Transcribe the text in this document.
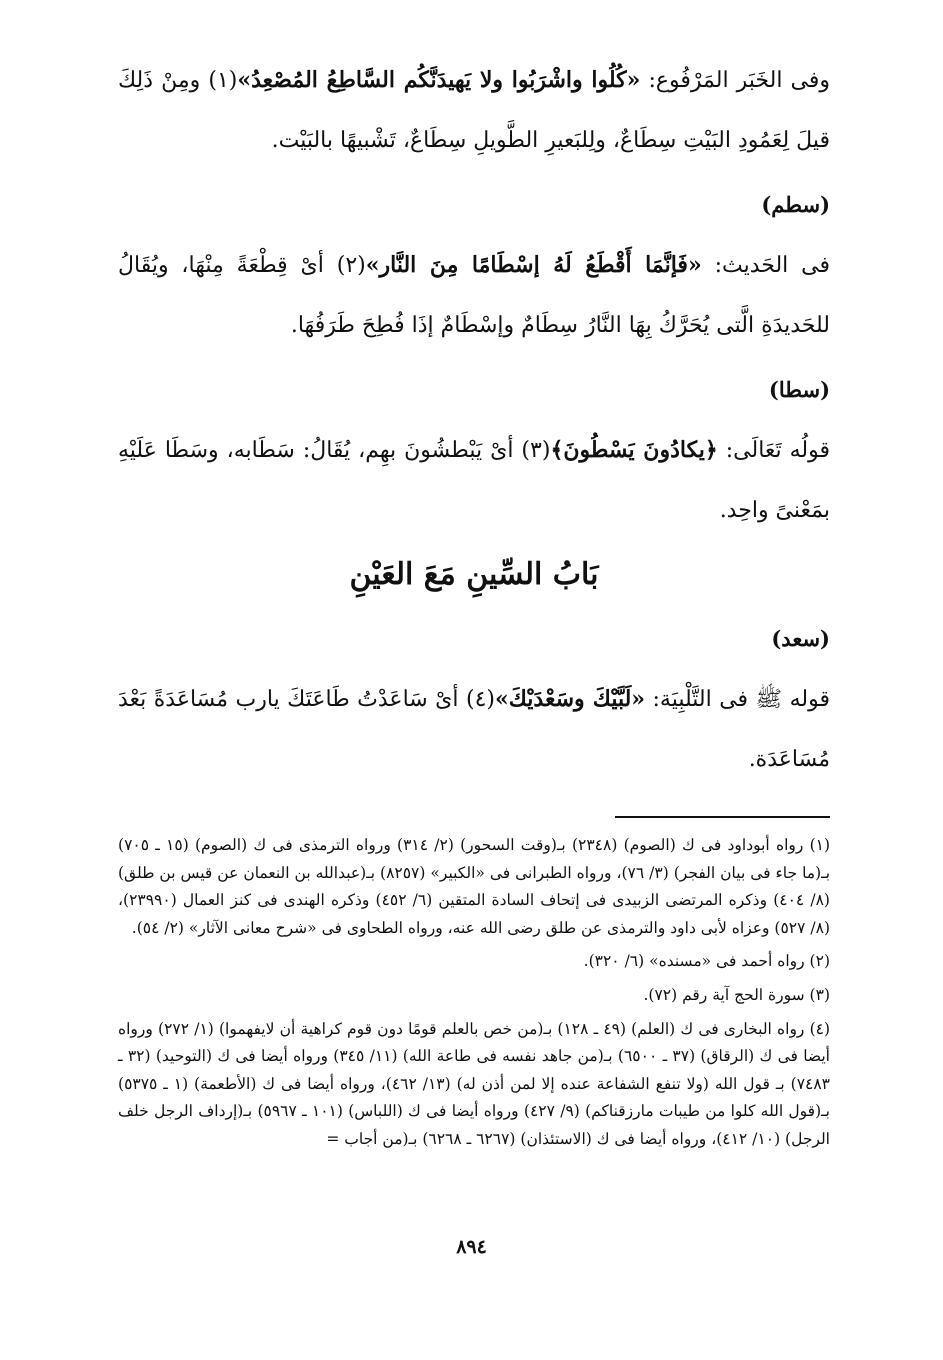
وفى الخَبَر المَرْفُوع: «كُلُوا واشْرَبُوا ولا يَهيدَنَّكُم السَّاطِعُ المُصْعِدُ»(١) ومِنْ ذَلِكَ قيلَ لِعَمُودِ البَيْتِ سِطَاعٌ، ولِلبَعيرِ الطَّويلِ سِطَاعٌ، تَشْبيهًا بالبَيْت.

(سطم)

فى الحَديث: «فَإنَّمَا أَقْطَعُ لَهُ إسْطَامًا مِنَ النَّار»(٢) أىْ قِطْعَةً مِنْهَا، ويُقَالُ للحَديدَةِ الَّتى يُحَرَّكُ بِهَا النَّارُ سِطَامٌ وإسْطَامٌ إذَا فُطِحَ طَرَفُهَا.

(سطا)

قولُه تَعَالَى: ﴿يكادُونَ يَسْطُونَ﴾(٣) أىْ يَبْطشُونَ بهِم، يُقَالُ: سَطَابه، وسَطَا عَلَيْهِ بمَعْنىً واحِد.

بَابُ السِّينِ مَعَ العَيْنِ
(سعد)

قوله ﷺ فى التَّلْبِيَة: «لَبَّيْكَ وسَعْدَيْكَ»(٤) أىْ سَاعَدْتُ طَاعَتَكَ يارب مُسَاعَدَةً بَعْدَ مُسَاعَدَة.

(١) رواه أبوداود فى ك (الصوم) (٢٣٤٨) بـ(وقت السحور) (٢/ ٣١٤) ورواه الترمذى فى ك (الصوم) (١٥ ـ ٧٠٥) بـ(ما جاء فى بيان الفجر) (٣/ ٧٦)، ورواه الطبرانى فى «الكبير» (٨٢٥٧) بـ(عبدالله بن النعمان عن قيس بن طلق) (٨/ ٤٠٤) وذكره المرتضى الزبيدى فى إتحاف السادة المتقين (٦/ ٤٥٢) وذكره الهندى فى كنز العمال (٢٣٩٩٠)، (٨/ ٥٢٧) وعزاه لأبى داود والترمذى عن طلق رضى الله عنه، ورواه الطحاوى فى «شرح معانى الآثار» (٢/ ٥٤).

(٢) رواه أحمد فى «مسنده» (٦/ ٣٢٠).

(٣) سورة الحج آية رقم (٧٢).

(٤) رواه البخارى فى ك (العلم) (٤٩ ـ ١٢٨) بـ(من خص بالعلم قومًا دون قوم كراهية أن لايفهموا) (١/ ٢٧٢) ورواه أيضا فى ك (الرقاق) (٣٧ ـ ٦٥٠٠) بـ(من جاهد نفسه فى طاعة الله) (١١/ ٣٤٥) ورواه أيضا فى ك (التوحيد) (٣٢ ـ ٧٤٨٣) بـ قول الله (ولا تنفع الشفاعة عنده إلا لمن أذن له) (١٣/ ٤٦٢)، ورواه أيضا فى ك (الأطعمة) (١ ـ ٥٣٧٥) بـ(قول الله كلوا من طيبات مارزقناكم) (٩/ ٤٢٧) ورواه أيضا فى ك (اللباس) (١٠١ ـ ٥٩٦٧) بـ(إرداف الرجل خلف الرجل) (١٠/ ٤١٢)، ورواه أيضا فى ك (الاستئذان) (٦٢٦٧ ـ ٦٢٦٨) بـ(من أجاب =

٨٩٤
